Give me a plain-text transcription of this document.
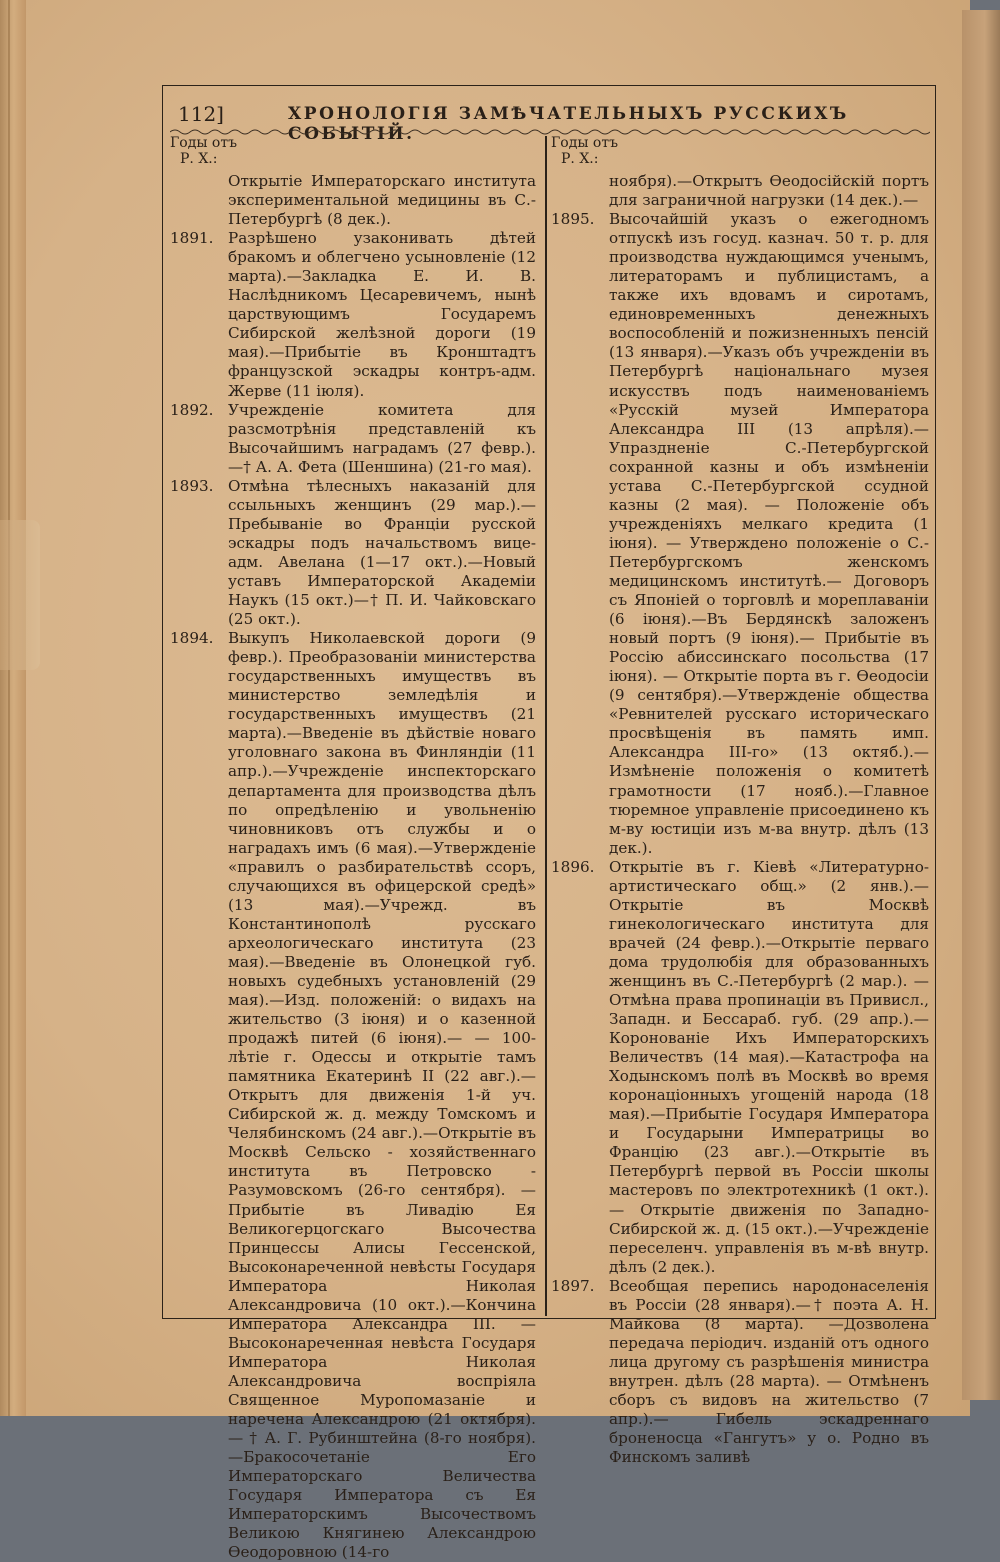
112]	ХРОНОЛОГІЯ ЗАМѢЧАТЕЛЬНЫХЪ РУССКИХЪ СОБЫТІЙ.
Годы отъ
Р. Х.:
Открытіе Императорскаго института экспериментальной медицины въ С.-Петербургѣ (8 дек.).
1891. Разрѣшено узаконивать дѣтей бракомъ и облегчено усыновленіе (12 марта).—Закладка Е. И. В. Наслѣдникомъ Цесаревичемъ, нынѣ царствующимъ Государемъ Сибирской желѣзной дороги (19 мая).—Прибытіе въ Кронштадтъ французской эскадры контръ-адм. Жерве (11 іюля).
1892. Учрежденіе комитета для разсмотрѣнія представленій къ Высочайшимъ наградамъ (27 февр.).—† А. А. Фета (Шеншина) (21-го мая).
1893. Отмѣна тѣлесныхъ наказаній для ссыльныхъ женщинъ (29 мар.).—Пребываніе во Франціи русской эскадры подъ начальствомъ вице-адм. Авелана (1—17 окт.).—Новый уставъ Императорской Академіи Наукъ (15 окт.)—† П. И. Чайковскаго (25 окт.).
1894. Выкупъ Николаевской дороги (9 февр.). Преобразованіи министерства государственныхъ имуществъ въ министерство земледѣлія и государственныхъ имуществъ (21 марта).—Введеніе въ дѣйствіе новаго уголовнаго закона въ Финляндіи (11 апр.).—Учрежденіе инспекторскаго департамента для производства дѣлъ по опредѣленію и увольненію чиновниковъ отъ службы и о наградахъ имъ (6 мая).—Утвержденіе «правилъ о разбирательствѣ ссоръ, случающихся въ офицерской средѣ» (13 мая).—Учрежд. въ Константинополѣ русскаго археологическаго института (23 мая).—Введеніе въ Олонецкой губ. новыхъ судебныхъ установленій (29 мая).—Изд. положеній: о видахъ на жительство (3 іюня) и о казенной продажѣ питей (6 іюня).— — 100-лѣтіе г. Одессы и открытіе тамъ памятника Екатеринѣ II (22 авг.).— Открытъ для движенія 1-й уч. Сибирской ж. д. между Томскомъ и Челябинскомъ (24 авг.).—Открытіе въ Москвѣ Сельско - хозяйственнаго института въ Петровско - Разумовскомъ (26-го сентября). — Прибытіе въ Ливадію Ея Великогерцогскаго Высочества Принцессы Алисы Гессенской, Высоконареченной невѣсты Государя Императора Николая Александровича (10 окт.).—Кончина Императора Александра III. — Высоконареченная невѣста Государя Императора Николая Александровича воспріяла Священное Муропомазаніе и наречена Александрою (21 октября). — † А. Г. Рубинштейна (8-го ноября).—Бракосочетаніе Его Императорскаго Величества Государя Императора съ Ея Императорскимъ Высочествомъ Великою Княгинею Александрою Ѳеодоровною (14-го
Годы отъ
Р. Х.:
ноября).—Открытъ Ѳеодосійскій портъ для заграничной нагрузки (14 дек.).—
1895. Высочайшій указъ о ежегодномъ отпускѣ изъ госуд. казнач. 50 т. р. для производства нуждающимся ученымъ, литераторамъ и публицистамъ, а также ихъ вдовамъ и сиротамъ, единовременныхъ денежныхъ воспособленій и пожизненныхъ пенсій (13 января).—Указъ объ учрежденіи въ Петербургѣ національнаго музея искусствъ подъ наименованіемъ «Русскій музей Императора Александра III (13 апрѣля).—Упраздненіе С.-Петербургской сохранной казны и объ измѣненіи устава С.-Петербургской ссудной казны (2 мая). — Положеніе объ учрежденіяхъ мелкаго кредита (1 іюня). — Утверждено положеніе о С.-Петербургскомъ женскомъ медицинскомъ институтѣ.— Договоръ съ Японіей о торговлѣ и мореплаваніи (6 іюня).—Въ Бердянскѣ заложенъ новый портъ (9 іюня).— Прибытіе въ Россію абиссинскаго посольства (17 іюня). — Открытіе порта въ г. Ѳеодосіи (9 сентября).—Утвержденіе общества «Ревнителей русскаго историческаго просвѣщенія въ память имп. Александра III-го» (13 октяб.).—Измѣненіе положенія о комитетѣ грамотности (17 нояб.).—Главное тюремное управленіе присоединено къ м-ву юстиціи изъ м-ва внутр. дѣлъ (13 дек.).
1896. Открытіе въ г. Кіевѣ «Литературно-артистическаго общ.» (2 янв.).—Открытіе въ Москвѣ гинекологическаго института для врачей (24 февр.).—Открытіе перваго дома трудолюбія для образованныхъ женщинъ въ С.-Петербургѣ (2 мар.). — Отмѣна права пропинаціи въ Привисл., Западн. и Бессараб. губ. (29 апр.).—Коронованіе Ихъ Императорскихъ Величествъ (14 мая).—Катастрофа на Ходынскомъ полѣ въ Москвѣ во время коронаціонныхъ угощеній народа (18 мая).—Прибытіе Государя Императора и Государыни Императрицы во Францію (23 авг.).—Открытіе въ Петербургѣ первой въ Россіи школы мастеровъ по электротехникѣ (1 окт.).— Открытіе движенія по Западно-Сибирской ж. д. (15 окт.).—Учрежденіе переселенч. управленія въ м-вѣ внутр. дѣлъ (2 дек.).
1897. Всеобщая перепись народонаселенія въ Россіи (28 января).—† поэта А. Н. Майкова (8 марта). —Дозволена передача періодич. изданій отъ одного лица другому съ разрѣшенія министра внутрен. дѣлъ (28 марта). — Отмѣненъ сборъ съ видовъ на жительство (7 апр.).— Гибель эскадреннаго броненосца «Гангутъ» у о. Родно въ Финскомъ заливѣ
